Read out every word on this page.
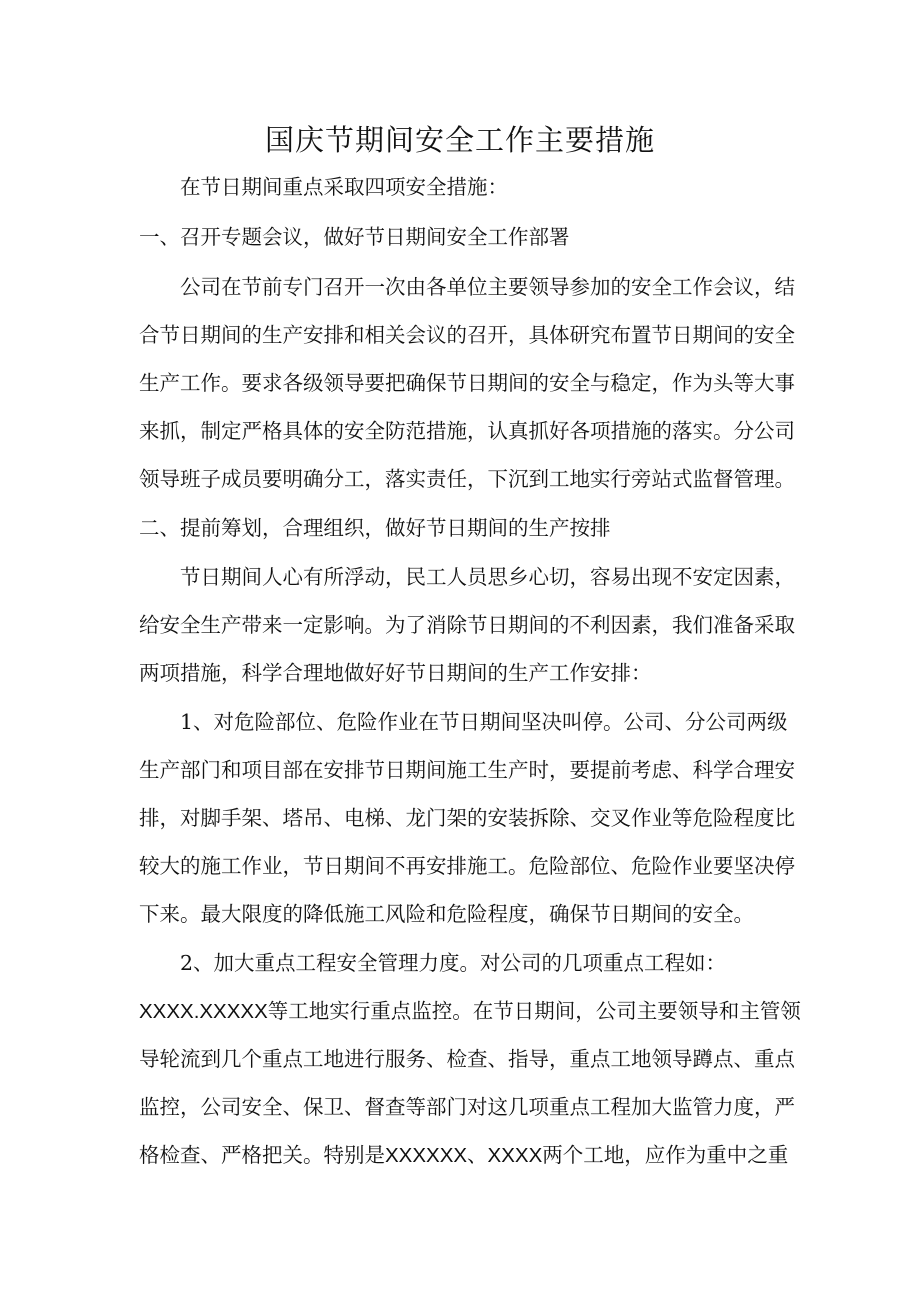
国庆节期间安全工作主要措施
在节日期间重点采取四项安全措施：
一、召开专题会议，做好节日期间安全工作部署
公司在节前专门召开一次由各单位主要领导参加的安全工作会议，结
合节日期间的生产安排和相关会议的召开，具体研究布置节日期间的安全
生产工作。要求各级领导要把确保节日期间的安全与稳定，作为头等大事
来抓，制定严格具体的安全防范措施，认真抓好各项措施的落实。分公司
领导班子成员要明确分工，落实责任，下沉到工地实行旁站式监督管理。
二、提前筹划，合理组织，做好节日期间的生产按排
节日期间人心有所浮动，民工人员思乡心切，容易出现不安定因素，
给安全生产带来一定影响。为了消除节日期间的不利因素，我们准备采取
两项措施，科学合理地做好好节日期间的生产工作安排：
1、对危险部位、危险作业在节日期间坚决叫停。公司、分公司两级
生产部门和项目部在安排节日期间施工生产时，要提前考虑、科学合理安
排，对脚手架、塔吊、电梯、龙门架的安装拆除、交叉作业等危险程度比
较大的施工作业，节日期间不再安排施工。危险部位、危险作业要坚决停
下来。最大限度的降低施工风险和危险程度，确保节日期间的安全。
2、加大重点工程安全管理力度。对公司的几项重点工程如：
XXXX.XXXXX等工地实行重点监控。在节日期间，公司主要领导和主管领
导轮流到几个重点工地进行服务、检查、指导，重点工地领导蹲点、重点
监控，公司安全、保卫、督查等部门对这几项重点工程加大监管力度，严
格检查、严格把关。特别是XXXXXX、XXXX两个工地，应作为重中之重
